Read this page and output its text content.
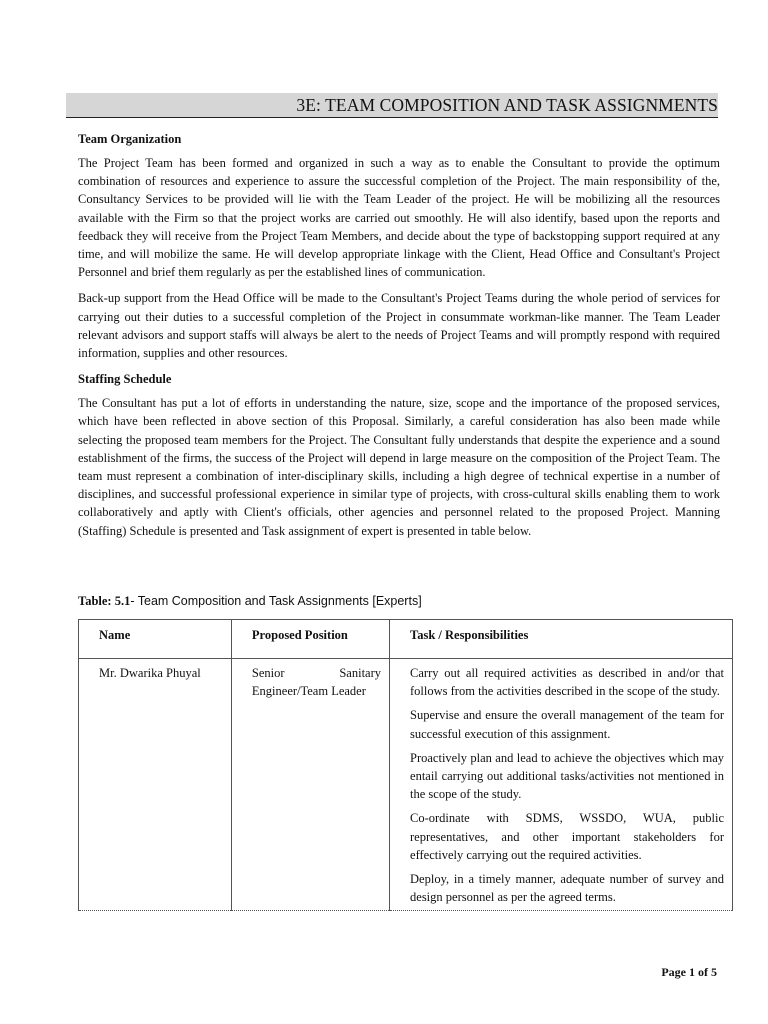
3E: TEAM COMPOSITION AND TASK ASSIGNMENTS
Team Organization

The Project Team has been formed and organized in such a way as to enable the Consultant to provide the optimum combination of resources and experience to assure the successful completion of the Project. The main responsibility of the, Consultancy Services to be provided will lie with the Team Leader of the project. He will be mobilizing all the resources available with the Firm so that the project works are carried out smoothly. He will also identify, based upon the reports and feedback they will receive from the Project Team Members, and decide about the type of backstopping support required at any time, and will mobilize the same. He will develop appropriate linkage with the Client, Head Office and Consultant's Project Personnel and brief them regularly as per the established lines of communication.

Back-up support from the Head Office will be made to the Consultant's Project Teams during the whole period of services for carrying out their duties to a successful completion of the Project in consummate workman-like manner. The Team Leader relevant advisors and support staffs will always be alert to the needs of Project Teams and will promptly respond with required information, supplies and other resources.

Staffing Schedule

The Consultant has put a lot of efforts in understanding the nature, size, scope and the importance of the proposed services, which have been reflected in above section of this Proposal. Similarly, a careful consideration has also been made while selecting the proposed team members for the Project. The Consultant fully understands that despite the experience and a sound establishment of the firms, the success of the Project will depend in large measure on the composition of the Project Team. The team must represent a combination of inter-disciplinary skills, including a high degree of technical expertise in a number of disciplines, and successful professional experience in similar type of projects, with cross-cultural skills enabling them to work collaboratively and aptly with Client's officials, other agencies and personnel related to the proposed Project. Manning (Staffing) Schedule is presented and Task assignment of expert is presented in table below.

Table: 5.1- Team Composition and Task Assignments [Experts]
Name	Proposed Position	Task / Responsibilities
Mr. Dwarika Phuyal	Senior Sanitary Engineer/Team Leader	Carry out all required activities as described in and/or that follows from the activities described in the scope of the study.

Supervise and ensure the overall management of the team for successful execution of this assignment.

Proactively plan and lead to achieve the objectives which may entail carrying out additional tasks/activities not mentioned in the scope of the study.

Co-ordinate with SDMS, WSSDO, WUA, public representatives, and other important stakeholders for effectively carrying out the required activities.

Deploy, in a timely manner, adequate number of survey and design personnel as per the agreed terms.

Page 1 of 5
